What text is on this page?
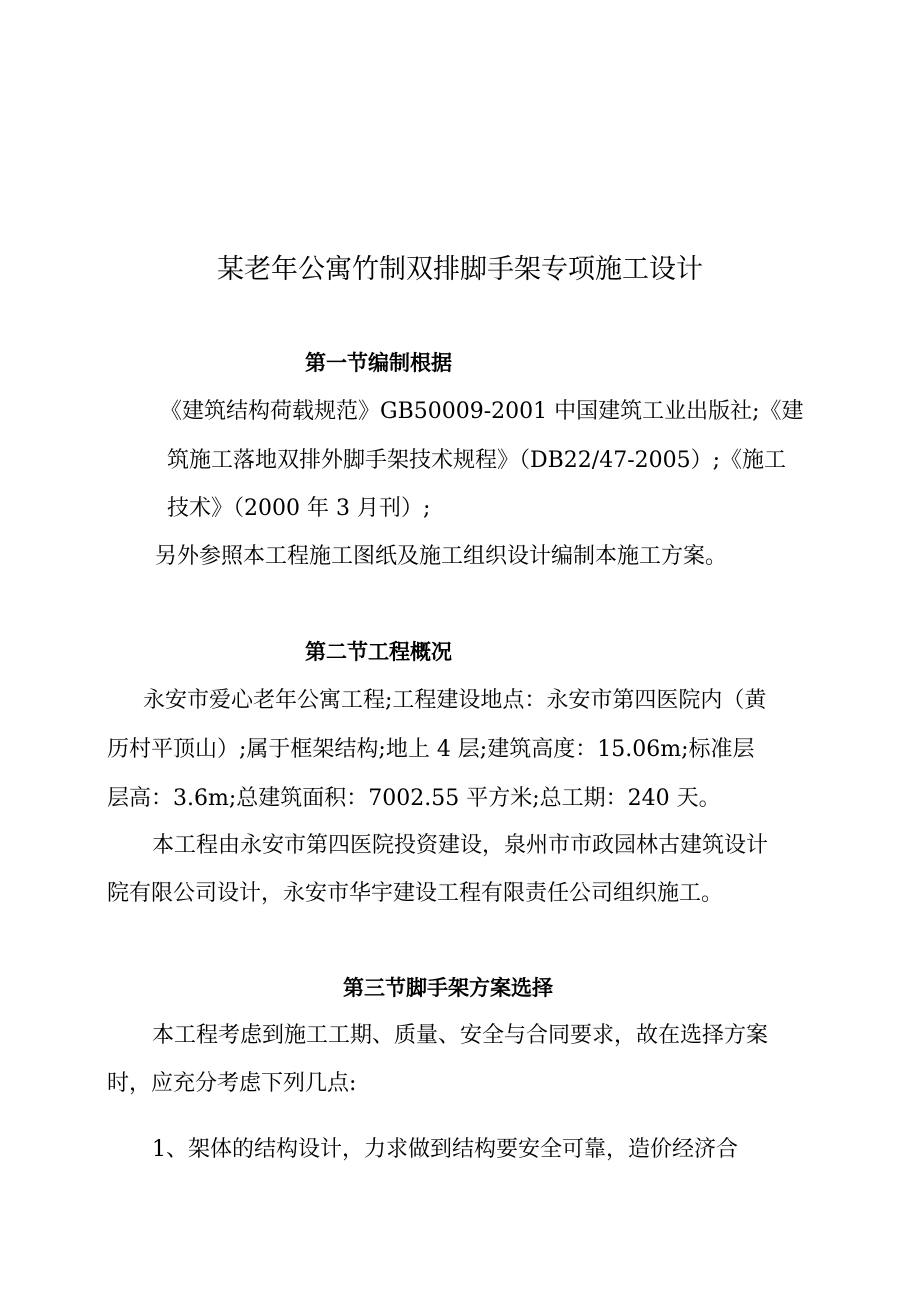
某老年公寓竹制双排脚手架专项施工设计
第一节编制根据
《建筑结构荷载规范》GB50009-2001 中国建筑工业出版社;《建
筑施工落地双排外脚手架技术规程》（DB22/47-2005）;《施工
技术》（2000 年 3 月刊）;
另外参照本工程施工图纸及施工组织设计编制本施工方案。
第二节工程概况
永安市爱心老年公寓工程;工程建设地点：永安市第四医院内（黄
历村平顶山）;属于框架结构;地上 4 层;建筑高度：15.06m;标准层
层高：3.6m;总建筑面积：7002.55 平方米;总工期：240 天。
本工程由永安市第四医院投资建设，泉州市市政园林古建筑设计
院有限公司设计，永安市华宇建设工程有限责任公司组织施工。
第三节脚手架方案选择
本工程考虑到施工工期、质量、安全与合同要求，故在选择方案
时，应充分考虑下列几点:
1、架体的结构设计，力求做到结构要安全可靠，造价经济合
